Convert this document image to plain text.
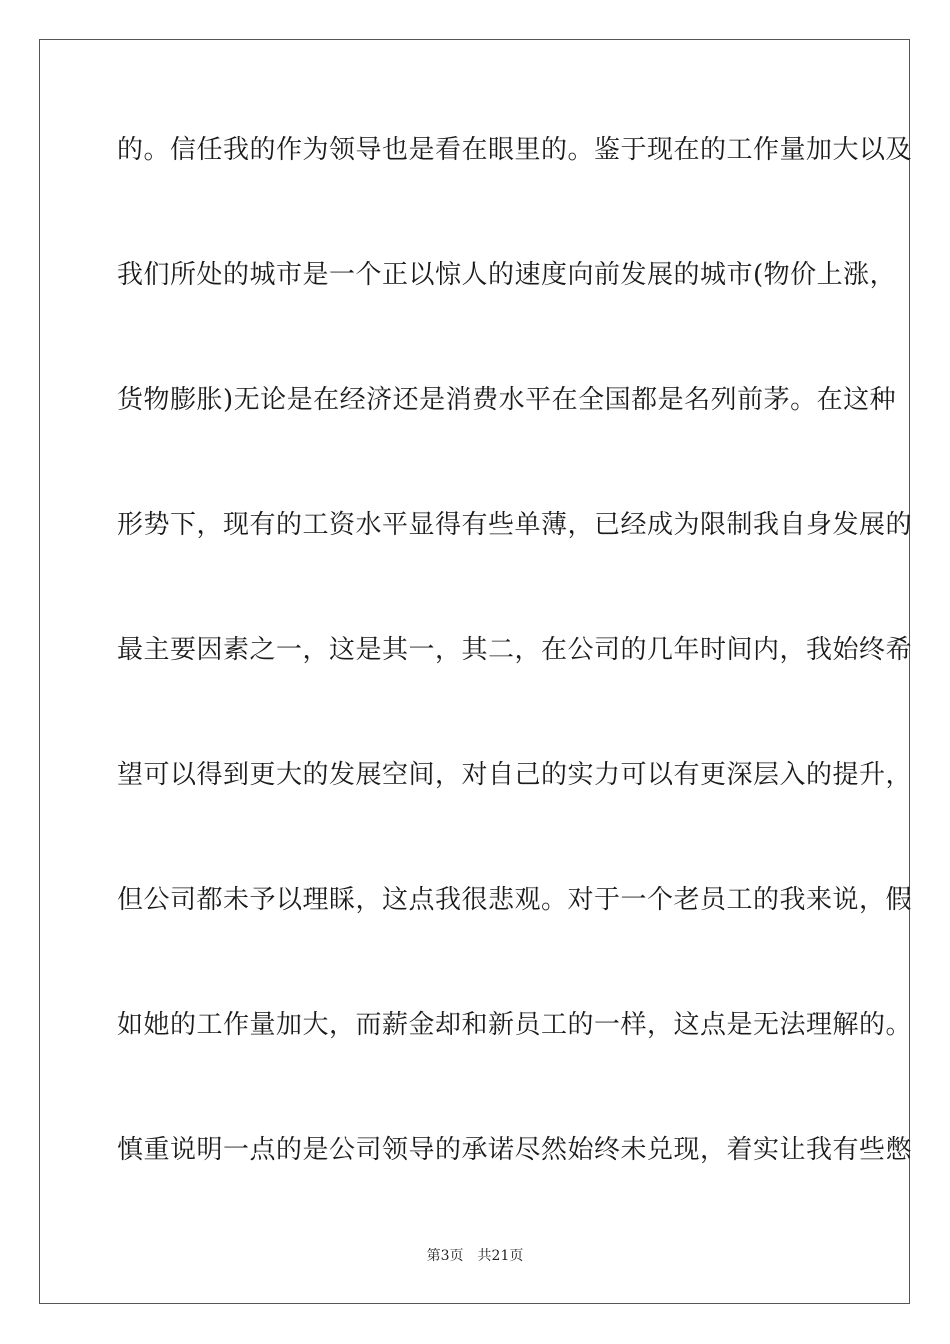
的。信任我的作为领导也是看在眼里的。鉴于现在的工作量加大以及
我们所处的城市是一个正以惊人的速度向前发展的城市(物价上涨，
货物膨胀)无论是在经济还是消费水平在全国都是名列前茅。在这种
形势下，现有的工资水平显得有些单薄，已经成为限制我自身发展的
最主要因素之一，这是其一，其二，在公司的几年时间内，我始终希
望可以得到更大的发展空间，对自己的实力可以有更深层入的提升，
但公司都未予以理睬，这点我很悲观。对于一个老员工的我来说，假
如她的工作量加大，而薪金却和新员工的一样，这点是无法理解的。
慎重说明一点的是公司领导的承诺尽然始终未兑现，着实让我有些憋
第3页 共21页
